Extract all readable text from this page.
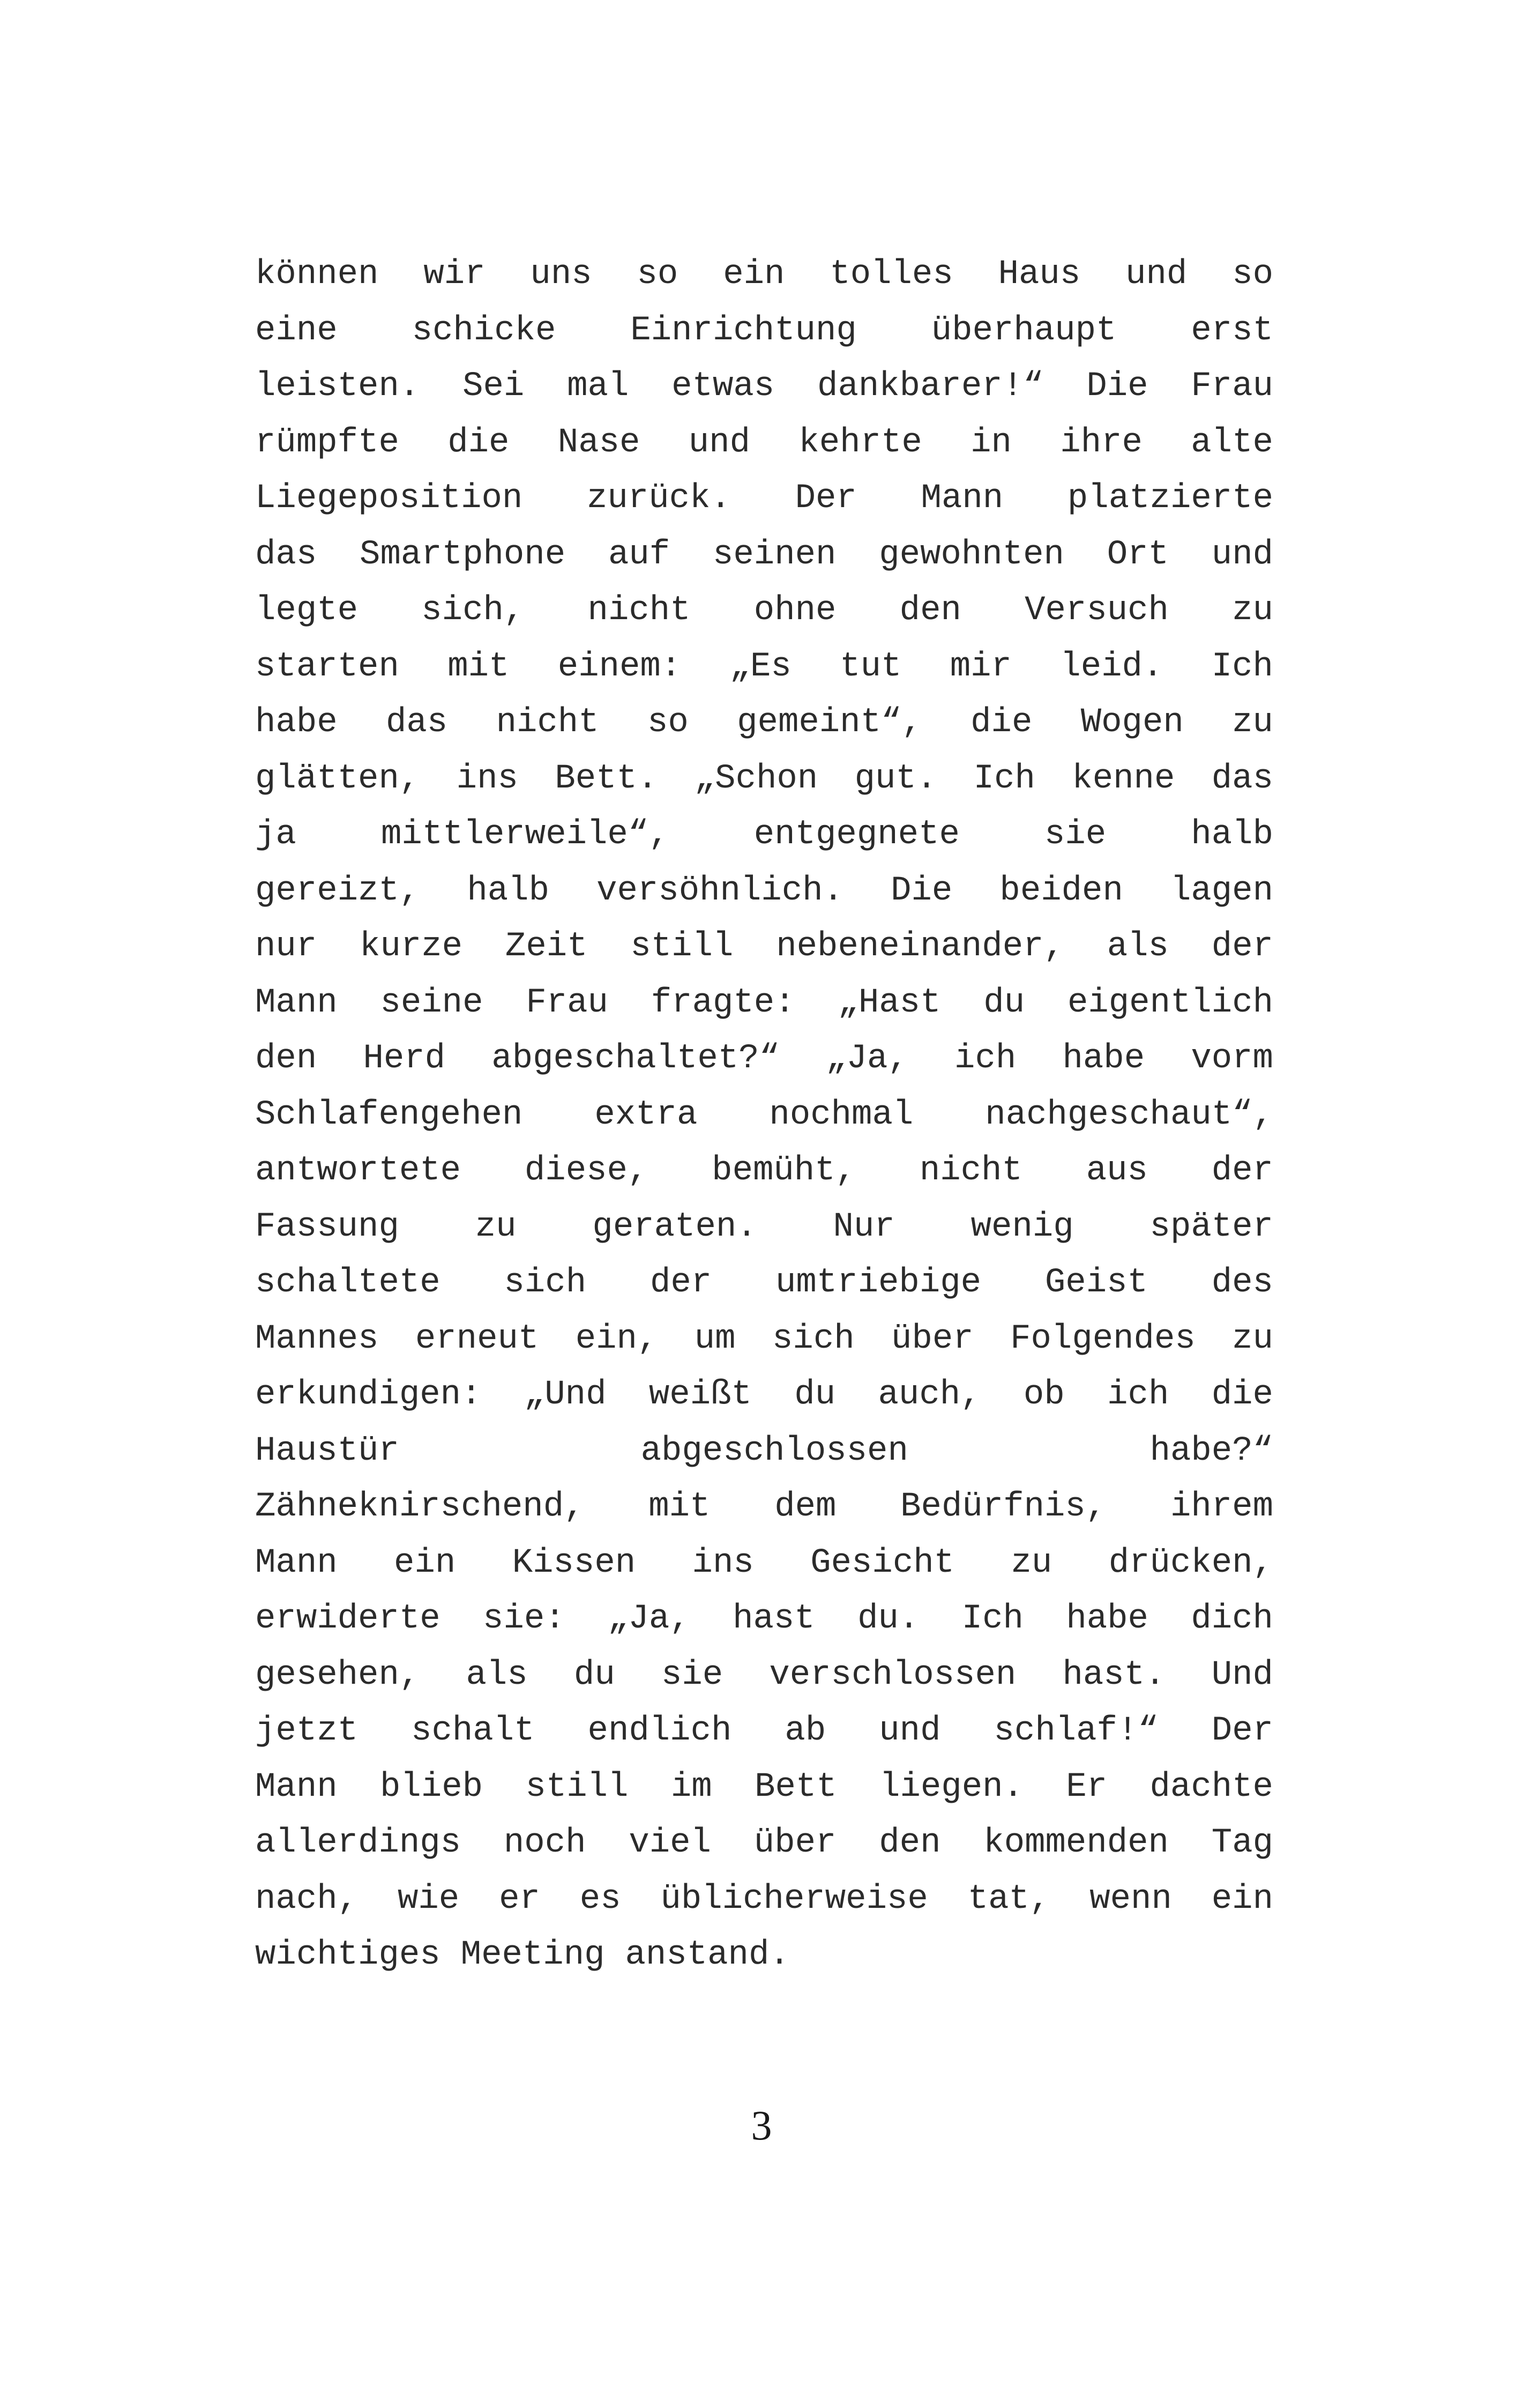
können wir uns so ein tolles Haus und so
eine schicke Einrichtung überhaupt erst
leisten. Sei mal etwas dankbarer!“ Die Frau
rümpfte die Nase und kehrte in ihre alte
Liegeposition zurück. Der Mann platzierte
das Smartphone auf seinen gewohnten Ort und
legte sich, nicht ohne den Versuch zu
starten mit einem: „Es tut mir leid. Ich
habe das nicht so gemeint“, die Wogen zu
glätten, ins Bett. „Schon gut. Ich kenne das
ja mittlerweile“, entgegnete sie halb
gereizt, halb versöhnlich. Die beiden lagen
nur kurze Zeit still nebeneinander, als der
Mann seine Frau fragte: „Hast du eigentlich
den Herd abgeschaltet?“ „Ja, ich habe vorm
Schlafengehen extra nochmal nachgeschaut“,
antwortete diese, bemüht, nicht aus der
Fassung zu geraten. Nur wenig später
schaltete sich der umtriebige Geist des
Mannes erneut ein, um sich über Folgendes zu
erkundigen: „Und weißt du auch, ob ich die
Haustür	abgeschlossen	habe?“
Zähneknirschend, mit dem Bedürfnis, ihrem
Mann ein Kissen ins Gesicht zu drücken,
erwiderte sie: „Ja, hast du. Ich habe dich
gesehen, als du sie verschlossen hast. Und
jetzt schalt endlich ab und schlaf!“ Der
Mann blieb still im Bett liegen. Er dachte
allerdings noch viel über den kommenden Tag
nach, wie er es üblicherweise tat, wenn ein
wichtiges Meeting anstand.
3
